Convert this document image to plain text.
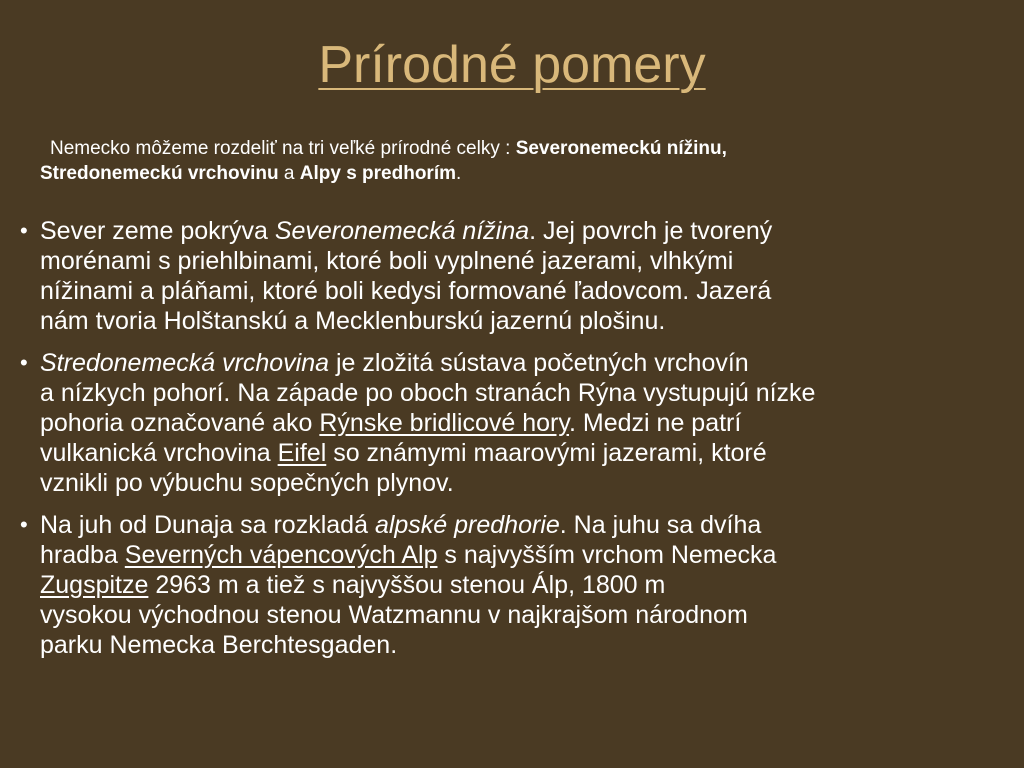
Prírodné pomery
Nemecko môžeme rozdeliť na tri veľké prírodné celky : Severonemeckú nížinu,
Stredonemeckú vrchovinu a Alpy s predhorím.
• Sever zeme pokrýva Severonemecká nížina. Jej povrch je tvorený
morénami s priehlbinami, ktoré boli vyplnené jazerami, vlhkými
nížinami a pláňami, ktoré boli kedysi formované ľadovcom. Jazerá
nám tvoria Holštanskú a Mecklenburskú jazernú plošinu.
• Stredonemecká vrchovina je zložitá sústava početných vrchovín
a nízkych pohorí. Na západe po oboch stranách Rýna vystupujú nízke
pohoria označované ako Rýnske bridlicové hory. Medzi ne patrí
vulkanická vrchovina Eifel so známymi maarovými jazerami, ktoré
vznikli po výbuchu sopečných plynov.
• Na juh od Dunaja sa rozkladá alpské predhorie. Na juhu sa dvíha
hradba Severných vápencových Alp s najvyšším vrchom Nemecka
Zugspitze 2963 m a tiež s najvyššou stenou Álp, 1800 m
vysokou východnou stenou Watzmannu v najkrajšom národnom
parku Nemecka Berchtesgaden.
